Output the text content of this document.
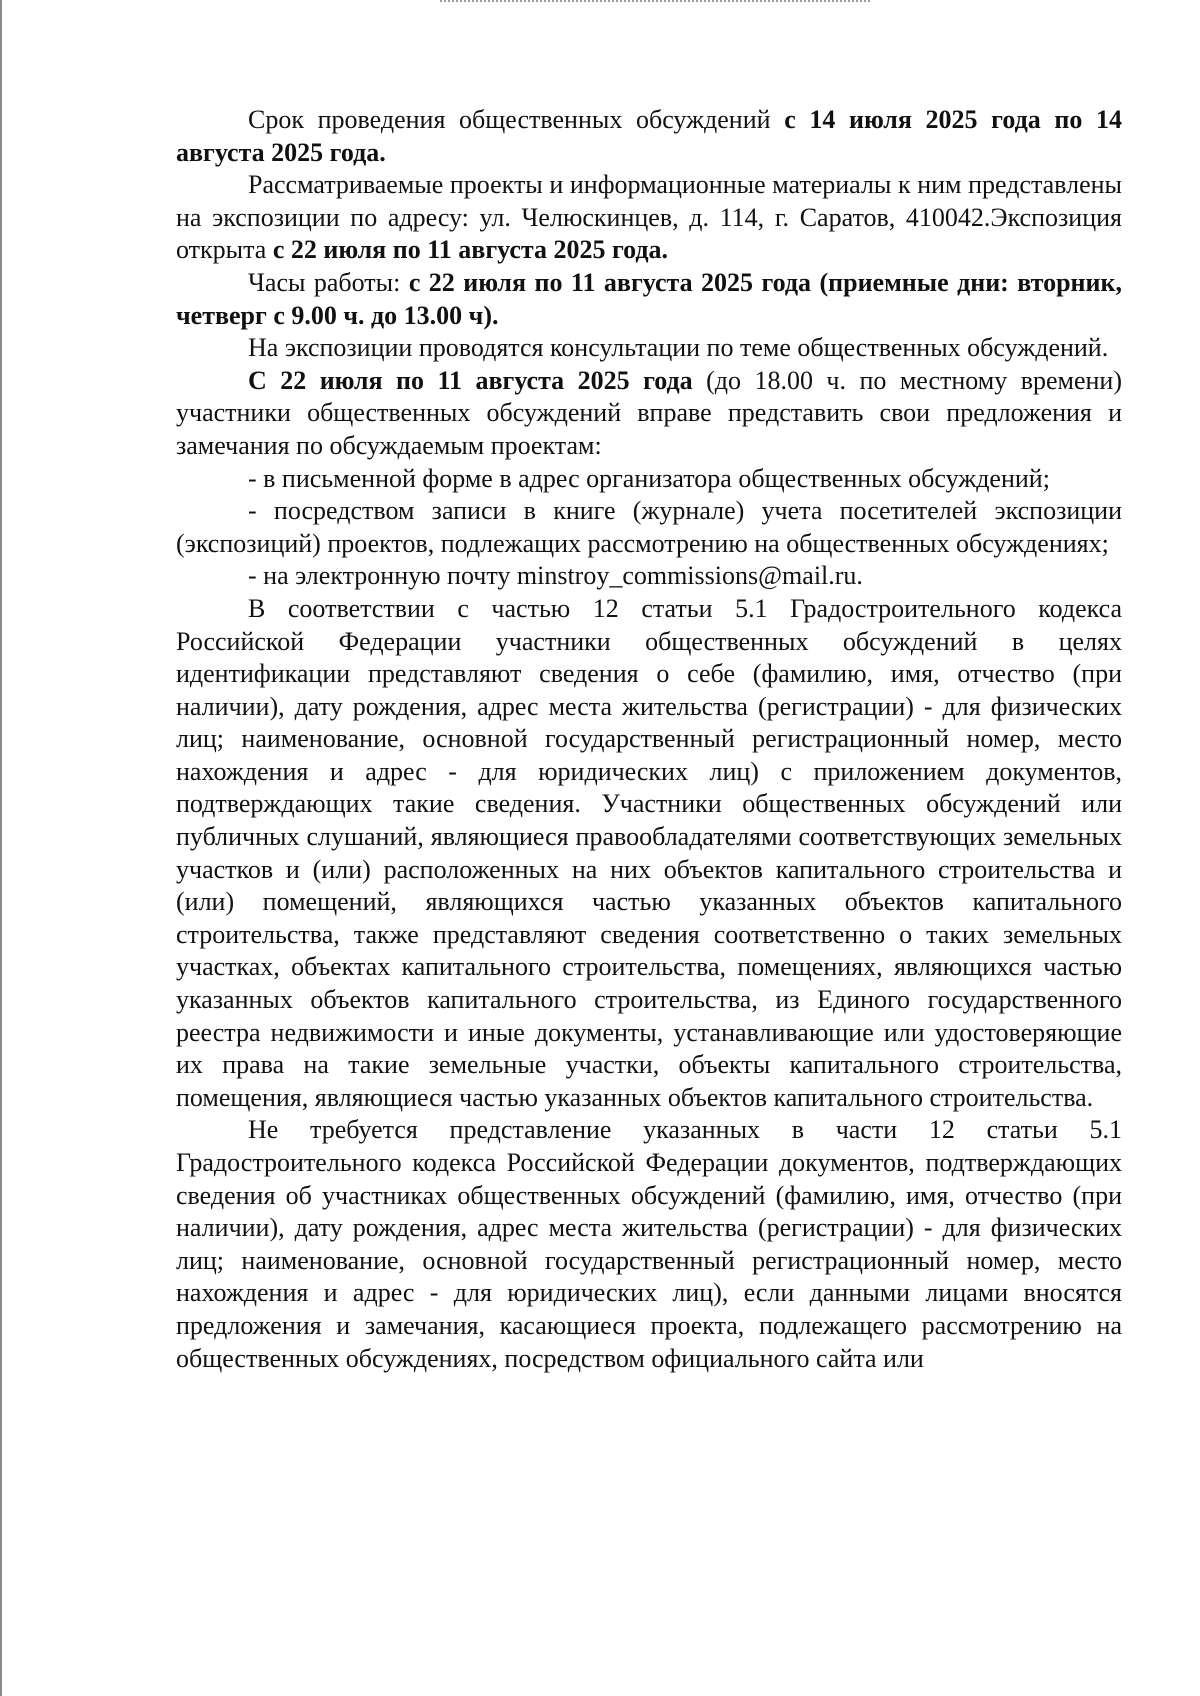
Срок проведения общественных обсуждений с 14 июля 2025 года по 14 августа 2025 года.

Рассматриваемые проекты и информационные материалы к ним представлены на экспозиции по адресу: ул. Челюскинцев, д. 114, г. Саратов, 410042.Экспозиция открыта с 22 июля по 11 августа 2025 года.

Часы работы: с 22 июля по 11 августа 2025 года (приемные дни: вторник, четверг с 9.00 ч. до 13.00 ч).

На экспозиции проводятся консультации по теме общественных обсуждений.

С 22 июля по 11 августа 2025 года (до 18.00 ч. по местному времени) участники общественных обсуждений вправе представить свои предложения и замечания по обсуждаемым проектам:

- в письменной форме в адрес организатора общественных обсуждений;

- посредством записи в книге (журнале) учета посетителей экспозиции (экспозиций) проектов, подлежащих рассмотрению на общественных обсуждениях;

- на электронную почту minstroy_commissions@mail.ru.

В соответствии с частью 12 статьи 5.1 Градостроительного кодекса Российской Федерации участники общественных обсуждений в целях идентификации представляют сведения о себе (фамилию, имя, отчество (при наличии), дату рождения, адрес места жительства (регистрации) - для физических лиц; наименование, основной государственный регистрационный номер, место нахождения и адрес - для юридических лиц) с приложением документов, подтверждающих такие сведения. Участники общественных обсуждений или публичных слушаний, являющиеся правообладателями соответствующих земельных участков и (или) расположенных на них объектов капитального строительства и (или) помещений, являющихся частью указанных объектов капитального строительства, также представляют сведения соответственно о таких земельных участках, объектах капитального строительства, помещениях, являющихся частью указанных объектов капитального строительства, из Единого государственного реестра недвижимости и иные документы, устанавливающие или удостоверяющие их права на такие земельные участки, объекты капитального строительства, помещения, являющиеся частью указанных объектов капитального строительства.

Не требуется представление указанных в части 12 статьи 5.1 Градостроительного кодекса Российской Федерации документов, подтверждающих сведения об участниках общественных обсуждений (фамилию, имя, отчество (при наличии), дату рождения, адрес места жительства (регистрации) - для физических лиц; наименование, основной государственный регистрационный номер, место нахождения и адрес - для юридических лиц), если данными лицами вносятся предложения и замечания, касающиеся проекта, подлежащего рассмотрению на общественных обсуждениях, посредством официального сайта или
